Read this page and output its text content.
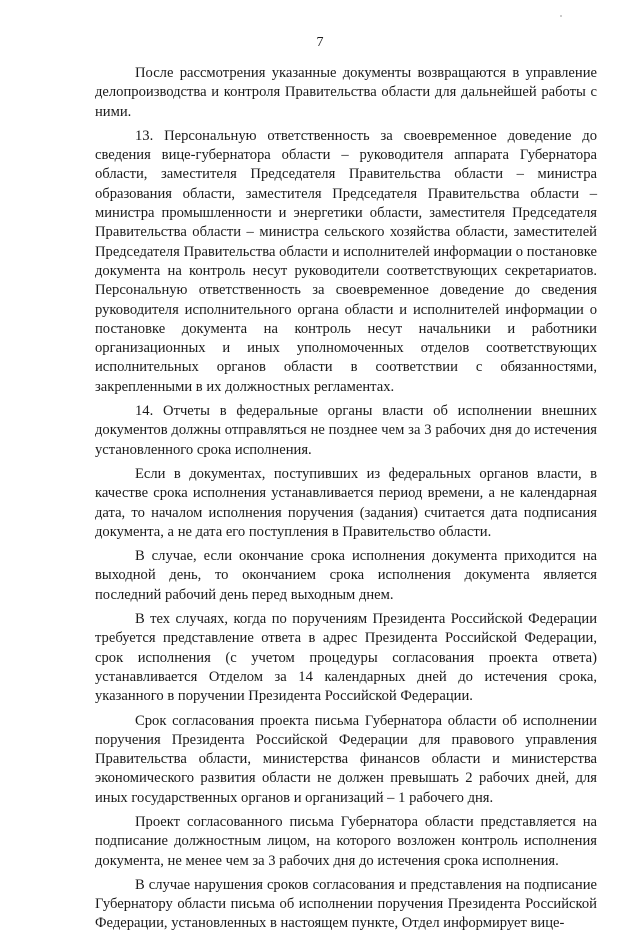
7

После рассмотрения указанные документы возвращаются в управление делопроизводства и контроля Правительства области для дальнейшей работы с ними.

13. Персональную ответственность за своевременное доведение до сведения вице-губернатора области – руководителя аппарата Губернатора области, заместителя Председателя Правительства области – министра образования области, заместителя Председателя Правительства области – министра промышленности и энергетики области, заместителя Председателя Правительства области – министра сельского хозяйства области, заместителей Председателя Правительства области и исполнителей информации о постановке документа на контроль несут руководители соответствующих секретариатов. Персональную ответственность за своевременное доведение до сведения руководителя исполнительного органа области и исполнителей информации о постановке документа на контроль несут начальники и работники организационных и иных уполномоченных отделов соответствующих исполнительных органов области в соответствии с обязанностями, закрепленными в их должностных регламентах.

14. Отчеты в федеральные органы власти об исполнении внешних документов должны отправляться не позднее чем за 3 рабочих дня до истечения установленного срока исполнения.

Если в документах, поступивших из федеральных органов власти, в качестве срока исполнения устанавливается период времени, а не календарная дата, то началом исполнения поручения (задания) считается дата подписания документа, а не дата его поступления в Правительство области.

В случае, если окончание срока исполнения документа приходится на выходной день, то окончанием срока исполнения документа является последний рабочий день перед выходным днем.

В тех случаях, когда по поручениям Президента Российской Федерации требуется представление ответа в адрес Президента Российской Федерации, срок исполнения (с учетом процедуры согласования проекта ответа) устанавливается Отделом за 14 календарных дней до истечения срока, указанного в поручении Президента Российской Федерации.

Срок согласования проекта письма Губернатора области об исполнении поручения Президента Российской Федерации для правового управления Правительства области, министерства финансов области и министерства экономического развития области не должен превышать 2 рабочих дней, для иных государственных органов и организаций – 1 рабочего дня.

Проект согласованного письма Губернатора области представляется на подписание должностным лицом, на которого возложен контроль исполнения документа, не менее чем за 3 рабочих дня до истечения срока исполнения.

В случае нарушения сроков согласования и представления на подписание Губернатору области письма об исполнении поручения Президента Российской Федерации, установленных в настоящем пункте, Отдел информирует вице-
